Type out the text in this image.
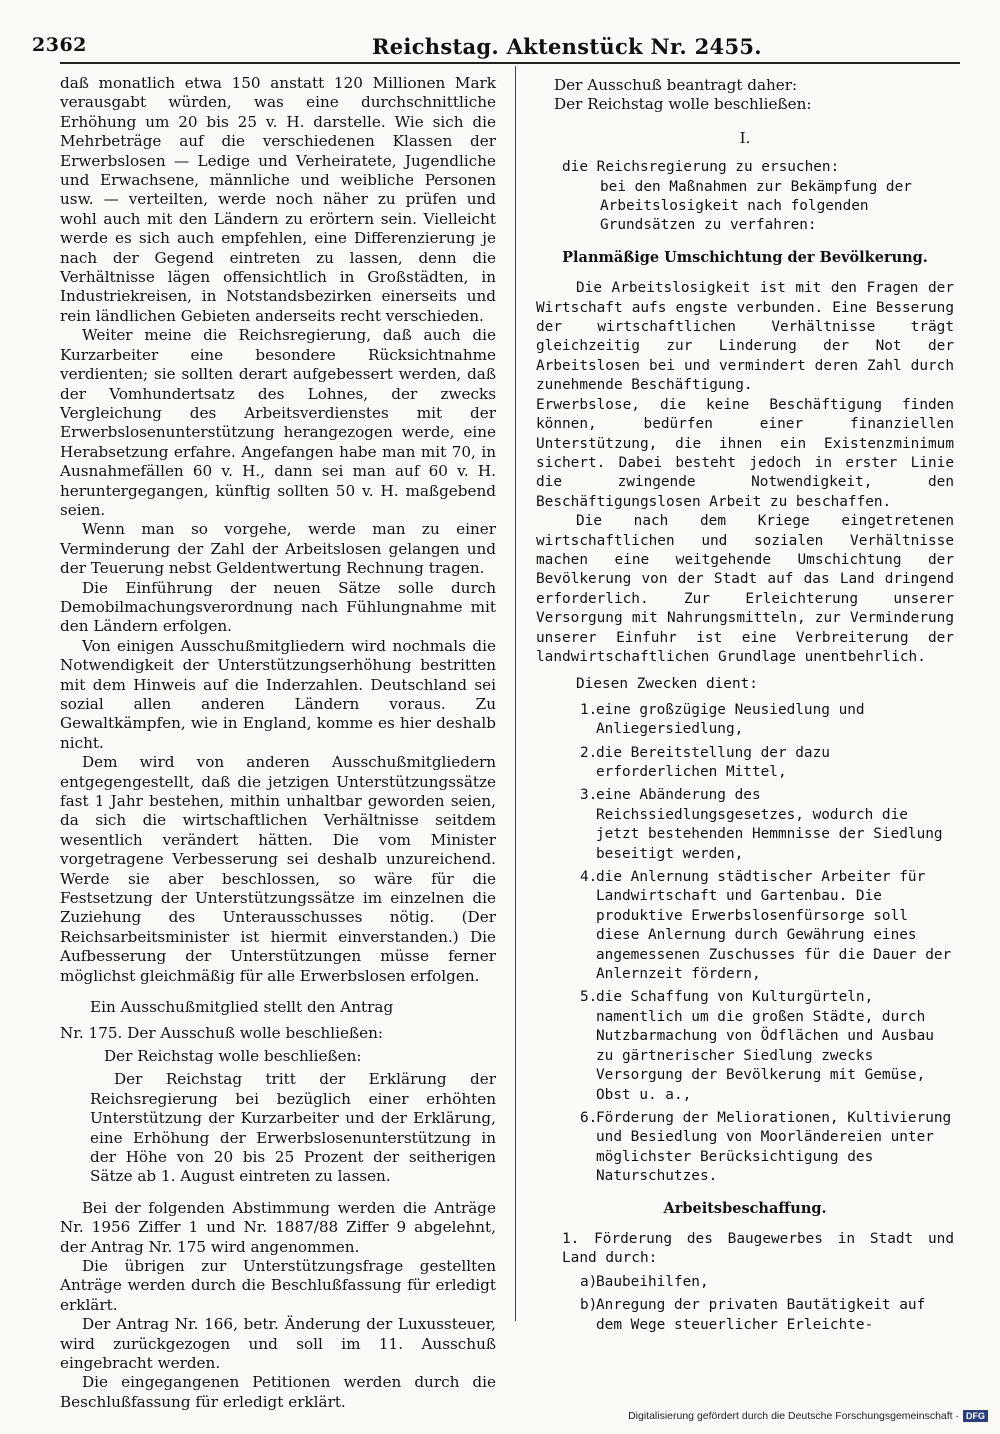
2362	Reichstag. Aktenstück Nr. 2455.

daß monatlich etwa 150 anstatt 120 Millionen Mark verausgabt würden, was eine durchschnittliche Erhöhung um 20 bis 25 v. H. darstelle. Wie sich die Mehrbeträge auf die verschiedenen Klassen der Erwerbslosen — Ledige und Verheiratete, Jugendliche und Erwachsene, männliche und weibliche Personen usw. — verteilten, werde noch näher zu prüfen und wohl auch mit den Ländern zu erörtern sein. Vielleicht werde es sich auch empfehlen, eine Differenzierung je nach der Gegend eintreten zu lassen, denn die Verhältnisse lägen offensichtlich in Großstädten, in Industriekreisen, in Notstandsbezirken einerseits und rein ländlichen Gebieten anderseits recht verschieden.

Weiter meine die Reichsregierung, daß auch die Kurzarbeiter eine besondere Rücksichtnahme verdienten; sie sollten derart aufgebessert werden, daß der Vomhundertsatz des Lohnes, der zwecks Vergleichung des Arbeitsverdienstes mit der Erwerbslosenunterstützung herangezogen werde, eine Herabsetzung erfahre. Angefangen habe man mit 70, in Ausnahmefällen 60 v. H., dann sei man auf 60 v. H. heruntergegangen, künftig sollten 50 v. H. maßgebend seien.

Wenn man so vorgehe, werde man zu einer Verminderung der Zahl der Arbeitslosen gelangen und der Teuerung nebst Geldentwertung Rechnung tragen.

Die Einführung der neuen Sätze solle durch Demobilmachungsverordnung nach Fühlungnahme mit den Ländern erfolgen.

Von einigen Ausschußmitgliedern wird nochmals die Notwendigkeit der Unterstützungserhöhung bestritten mit dem Hinweis auf die Inderzahlen. Deutschland sei sozial allen anderen Ländern voraus. Zu Gewaltkämpfen, wie in England, komme es hier deshalb nicht.

Dem wird von anderen Ausschußmitgliedern entgegengestellt, daß die jetzigen Unterstützungssätze fast 1 Jahr bestehen, mithin unhaltbar geworden seien, da sich die wirtschaftlichen Verhältnisse seitdem wesentlich verändert hätten. Die vom Minister vorgetragene Verbesserung sei deshalb unzureichend. Werde sie aber beschlossen, so wäre für die Festsetzung der Unterstützungssätze im einzelnen die Zuziehung des Unterausschusses nötig. (Der Reichsarbeitsminister ist hiermit einverstanden.) Die Aufbesserung der Unterstützungen müsse ferner möglichst gleichmäßig für alle Erwerbslosen erfolgen.

Ein Ausschußmitglied stellt den Antrag

Nr. 175. Der Ausschuß wolle beschließen:

Der Reichstag wolle beschließen:

Der Reichstag tritt der Erklärung der Reichsregierung bei bezüglich einer erhöhten Unterstützung der Kurzarbeiter und der Erklärung, eine Erhöhung der Erwerbslosenunterstützung in der Höhe von 20 bis 25 Prozent der seitherigen Sätze ab 1. August eintreten zu lassen.

Bei der folgenden Abstimmung werden die Anträge Nr. 1956 Ziffer 1 und Nr. 1887/88 Ziffer 9 abgelehnt, der Antrag Nr. 175 wird angenommen.

Die übrigen zur Unterstützungsfrage gestellten Anträge werden durch die Beschlußfassung für erledigt erklärt.

Der Antrag Nr. 166, betr. Änderung der Luxussteuer, wird zurückgezogen und soll im 11. Ausschuß eingebracht werden.

Die eingegangenen Petitionen werden durch die Beschlußfassung für erledigt erklärt.

Der Ausschuß beantragt daher:

Der Reichstag wolle beschließen:

I.

die Reichsregierung zu ersuchen:

bei den Maßnahmen zur Bekämpfung der Arbeitslosigkeit nach folgenden Grundsätzen zu verfahren:

Planmäßige Umschichtung der Bevölkerung.

Die Arbeitslosigkeit ist mit den Fragen der Wirtschaft aufs engste verbunden. Eine Besserung der wirtschaftlichen Verhältnisse trägt gleichzeitig zur Linderung der Not der Arbeitslosen bei und vermindert deren Zahl durch zunehmende Beschäftigung.

Erwerbslose, die keine Beschäftigung finden können, bedürfen einer finanziellen Unterstützung, die ihnen ein Existenzminimum sichert. Dabei besteht jedoch in erster Linie die zwingende Notwendigkeit, den Beschäftigungslosen Arbeit zu beschaffen.

Die nach dem Kriege eingetretenen wirtschaftlichen und sozialen Verhältnisse machen eine weitgehende Umschichtung der Bevölkerung von der Stadt auf das Land dringend erforderlich. Zur Erleichterung unserer Versorgung mit Nahrungsmitteln, zur Verminderung unserer Einfuhr ist eine Verbreiterung der landwirtschaftlichen Grundlage unentbehrlich.

Diesen Zwecken dient:

1.
eine großzügige Neusiedlung und Anliegersiedlung,
2.
die Bereitstellung der dazu erforderlichen Mittel,
3.
eine Abänderung des Reichssiedlungsgesetzes, wodurch die jetzt bestehenden Hemmnisse der Siedlung beseitigt werden,
4.
die Anlernung städtischer Arbeiter für Landwirtschaft und Gartenbau. Die produktive Erwerbslosenfürsorge soll diese Anlernung durch Gewährung eines angemessenen Zuschusses für die Dauer der Anlernzeit fördern,
5.
die Schaffung von Kulturgürteln, namentlich um die großen Städte, durch Nutzbarmachung von Ödflächen und Ausbau zu gärtnerischer Siedlung zwecks Versorgung der Bevölkerung mit Gemüse, Obst u. a.,
6.
Förderung der Meliorationen, Kultivierung und Besiedlung von Moorländereien unter möglichster Berücksichtigung des Naturschutzes.

Arbeitsbeschaffung.

1. Förderung des Baugewerbes in Stadt und Land durch:

a)
Baubeihilfen,
b)
Anregung der privaten Bautätigkeit auf dem Wege steuerlicher Erleichte-
Digitalisierung gefördert durch die Deutsche Forschungsgemeinschaft · DFG
